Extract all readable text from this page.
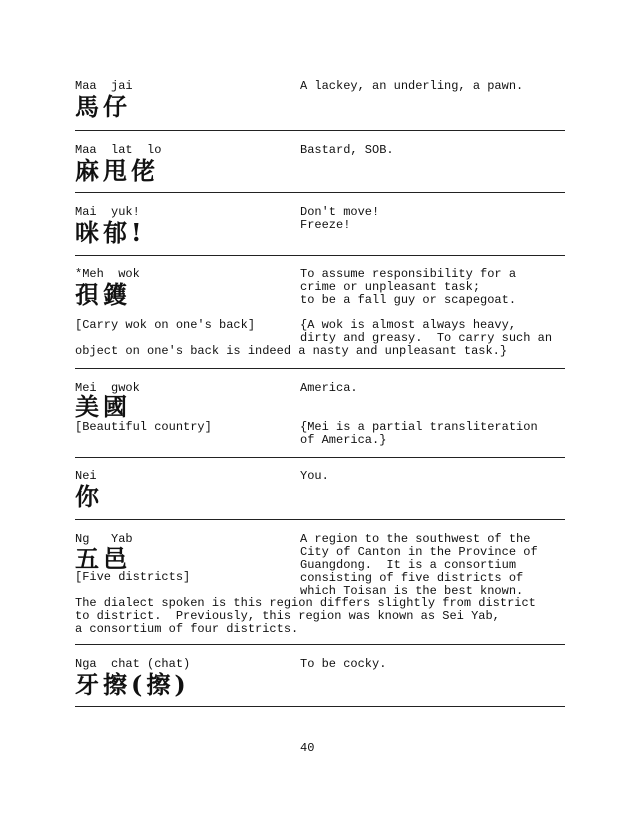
Maa  jai	A lackey, an underling, a pawn.
馬仔
Maa  lat  lo	Bastard, SOB.
麻甩佬
Mai  yuk!	Don't move!
Freeze!
咪郁!
*Meh  wok	To assume responsibility for a
crime or unpleasant task;
to be a fall guy or scapegoat.
孭鑊
[Carry wok on one's back]	{A wok is almost always heavy,
dirty and greasy.  To carry such an
object on one's back is indeed a nasty and unpleasant task.}
Mei  gwok	America.
美國
[Beautiful country]	{Mei is a partial transliteration
of America.}
Nei	You.
你
Ng   Yab	A region to the southwest of the
City of Canton in the Province of
Guangdong.  It is a consortium
consisting of five districts of
which Toisan is the best known.
五邑
[Five districts]
The dialect spoken is this region differs slightly from district
to district.  Previously, this region was known as Sei Yab,
a consortium of four districts.
Nga  chat (chat)	To be cocky.
牙擦(擦)
40
